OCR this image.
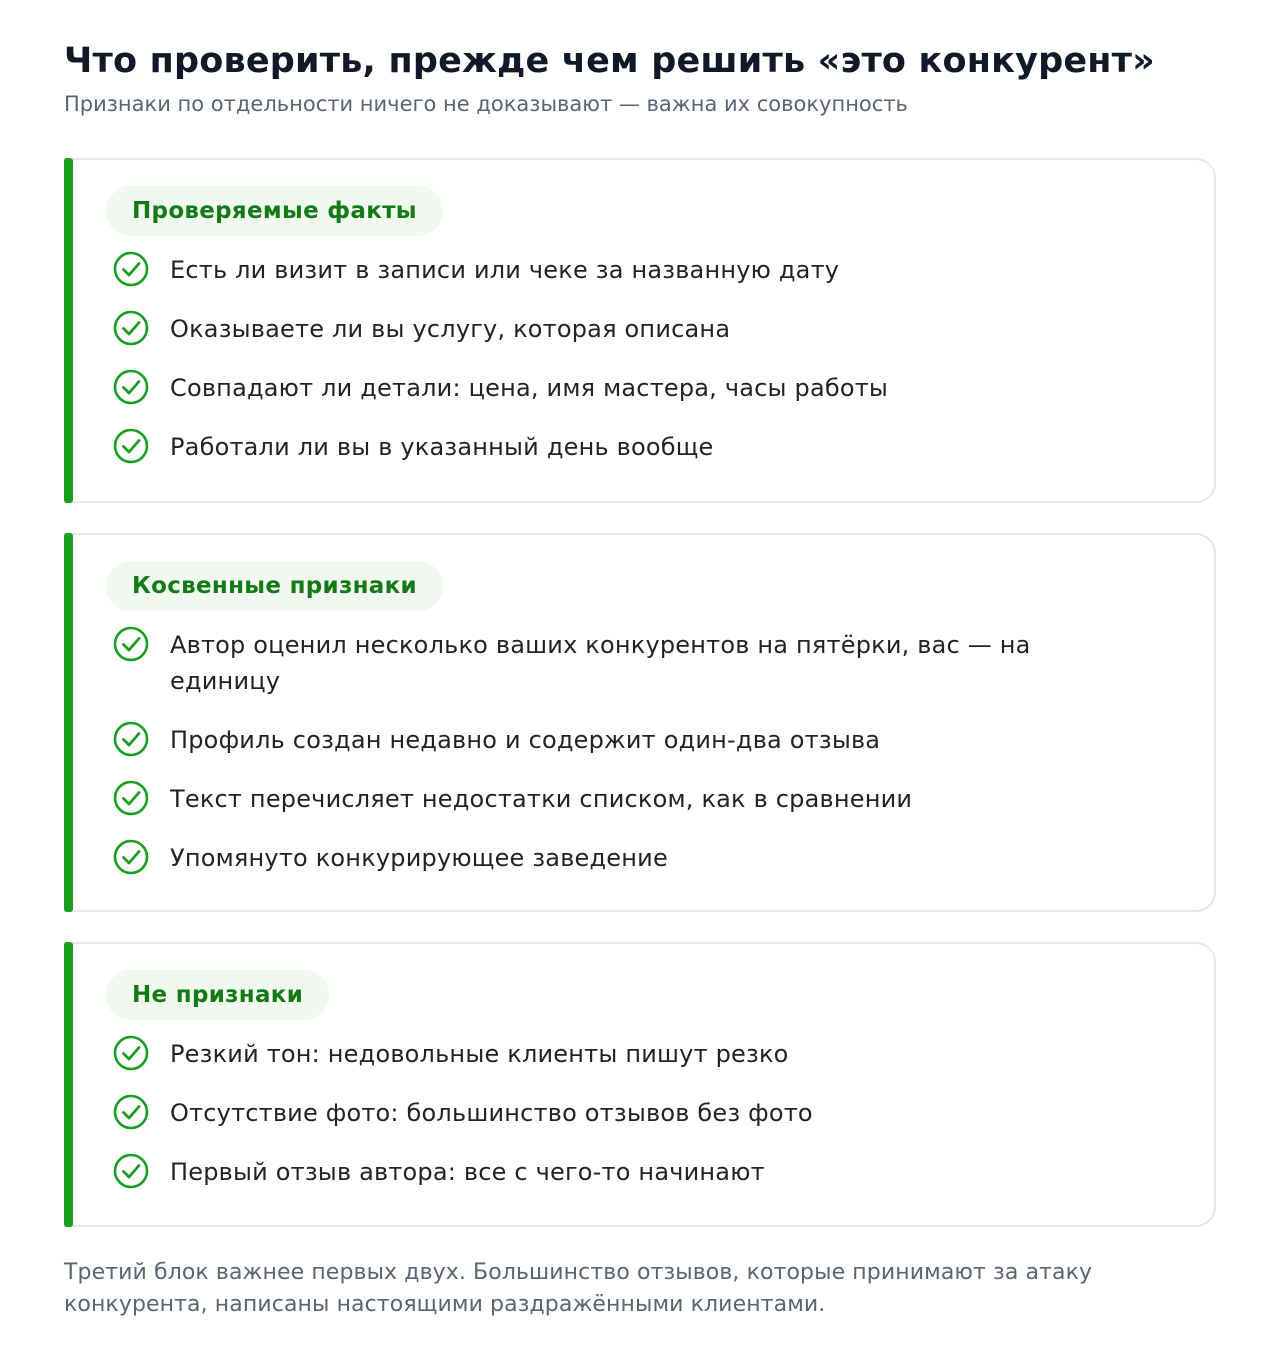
Что проверить, прежде чем решить «это конкурент»

Признаки по отдельности ничего не доказывают — важна их совокупность

Проверяемые факты
Есть ли визит в записи или чеке за названную дату
Оказываете ли вы услугу, которая описана
Совпадают ли детали: цена, имя мастера, часы работы
Работали ли вы в указанный день вообще
Косвенные признаки
Автор оценил несколько ваших конкурентов на пятёрки, вас — на единицу
Профиль создан недавно и содержит один-два отзыва
Текст перечисляет недостатки списком, как в сравнении
Упомянуто конкурирующее заведение
Не признаки
Резкий тон: недовольные клиенты пишут резко
Отсутствие фото: большинство отзывов без фото
Первый отзыв автора: все с чего-то начинают

Третий блок важнее первых двух. Большинство отзывов, которые принимают за атаку конкурента, написаны настоящими раздражёнными клиентами.
